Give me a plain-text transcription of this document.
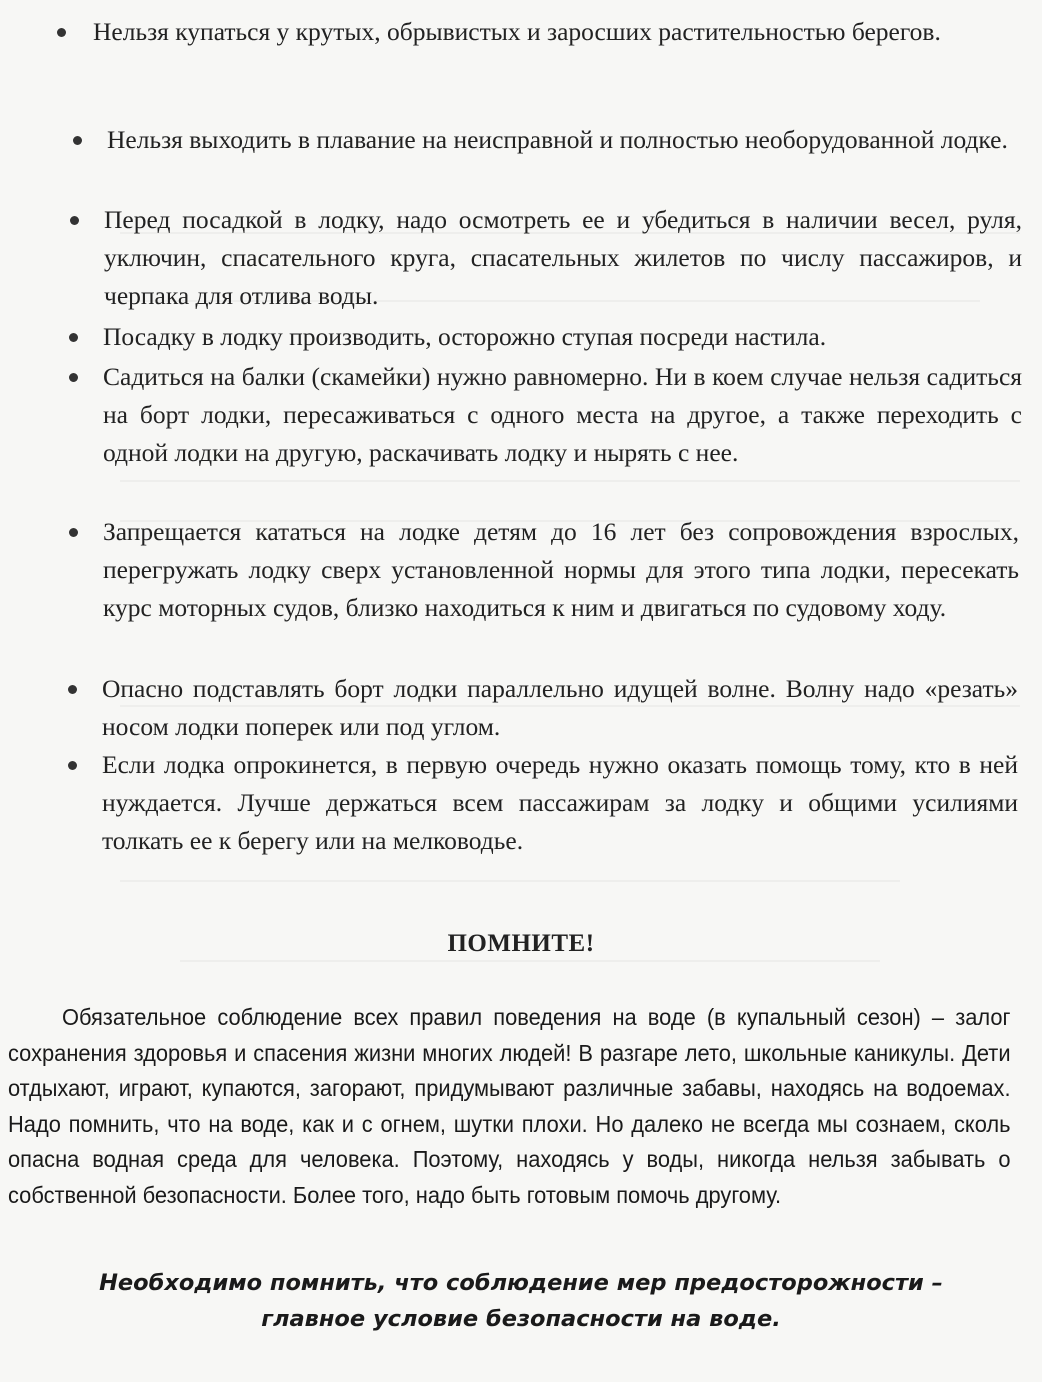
Нельзя купаться у крутых, обрывистых и заросших растительностью берегов.
Нельзя выходить в плавание на неисправной и полностью необорудованной лодке.
Перед посадкой в лодку, надо осмотреть ее и убедиться в наличии весел, руля, уключин, спасательного круга, спасательных жилетов по числу пассажиров, и черпака для отлива воды.
Посадку в лодку производить, осторожно ступая посреди настила.
Садиться на балки (скамейки) нужно равномерно. Ни в коем случае нельзя садиться на борт лодки, пересаживаться с одного места на другое, а также переходить с одной лодки на другую, раскачивать лодку и нырять с нее.
Запрещается кататься на лодке детям до 16 лет без сопровождения взрослых, перегружать лодку сверх установленной нормы для этого типа лодки, пересекать курс моторных судов, близко находиться к ним и двигаться по судовому ходу.
Опасно подставлять борт лодки параллельно идущей волне. Волну надо «резать» носом лодки поперек или под углом.
Если лодка опрокинется, в первую очередь нужно оказать помощь тому, кто в ней нуждается. Лучше держаться всем пассажирам за лодку и общими усилиями толкать ее к берегу или на мелководье.
ПОМНИТЕ!

Обязательное соблюдение всех правил поведения на воде (в купальный сезон) – залог сохранения здоровья и спасения жизни многих людей! В разгаре лето, школьные каникулы. Дети отдыхают, играют, купаются, загорают, придумывают различные забавы, находясь на водоемах. Надо помнить, что на воде, как и с огнем, шутки плохи. Но далеко не всегда мы сознаем, сколь опасна водная среда для человека. Поэтому, находясь у воды, никогда нельзя забывать о собственной безопасности. Более того, надо быть готовым помочь другому.

Необходимо помнить, что соблюдение мер предосторожности –
главное условие безопасности на воде.
